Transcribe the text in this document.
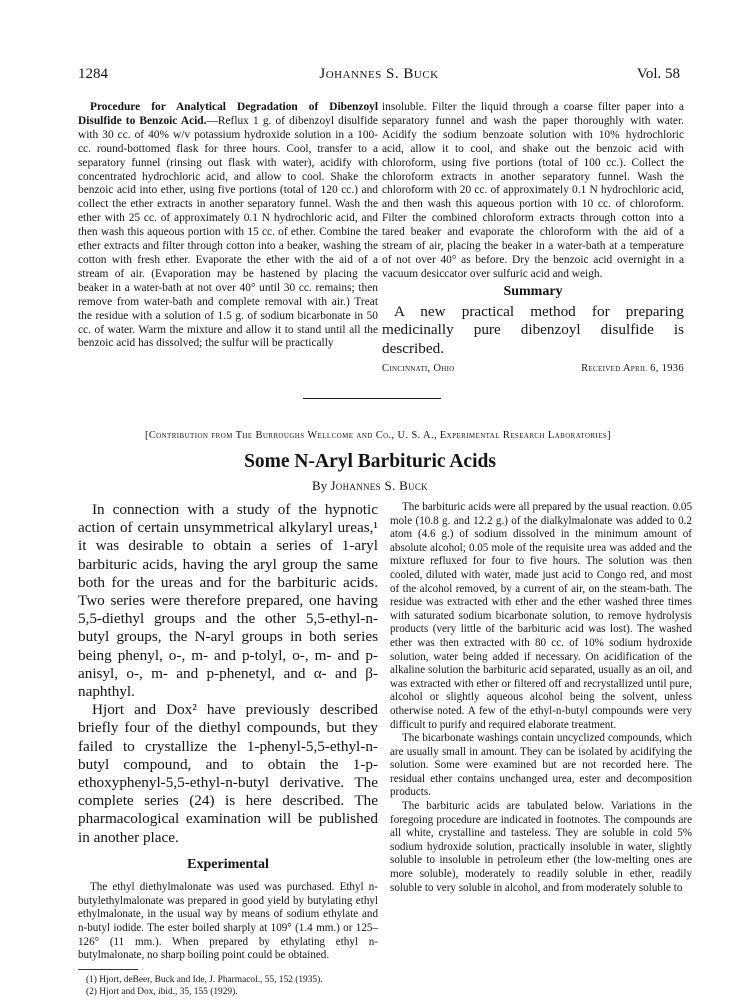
1284	Johannes S. Buck	Vol. 58

Procedure for Analytical Degradation of Dibenzoyl Disulfide to Benzoic Acid.—Reflux 1 g. of dibenzoyl disulfide with 30 cc. of 40% w/v potassium hydroxide solution in a 100-cc. round-bottomed flask for three hours. Cool, transfer to a separatory funnel (rinsing out flask with water), acidify with concentrated hydrochloric acid, and allow to cool. Shake the benzoic acid into ether, using five portions (total of 120 cc.) and collect the ether extracts in another separatory funnel. Wash the ether with 25 cc. of approximately 0.1 N hydrochloric acid, and then wash this aqueous portion with 15 cc. of ether. Combine the ether extracts and filter through cotton into a beaker, washing the cotton with fresh ether. Evaporate the ether with the aid of a stream of air. (Evaporation may be hastened by placing the beaker in a water-bath at not over 40° until 30 cc. remains; then remove from water-bath and complete removal with air.) Treat the residue with a solution of 1.5 g. of sodium bicarbonate in 50 cc. of water. Warm the mixture and allow it to stand until all the benzoic acid has dissolved; the sulfur will be practically

insoluble. Filter the liquid through a coarse filter paper into a separatory funnel and wash the paper thoroughly with water. Acidify the sodium benzoate solution with 10% hydrochloric acid, allow it to cool, and shake out the benzoic acid with chloroform, using five portions (total of 100 cc.). Collect the chloroform extracts in another separatory funnel. Wash the chloroform with 20 cc. of approximately 0.1 N hydrochloric acid, and then wash this aqueous portion with 10 cc. of chloroform. Filter the combined chloroform extracts through cotton into a tared beaker and evaporate the chloroform with the aid of a stream of air, placing the beaker in a water-bath at a temperature of not over 40° as before. Dry the benzoic acid overnight in a vacuum desiccator over sulfuric acid and weigh.

Summary

A new practical method for preparing medicinally pure dibenzoyl disulfide is described.

Cincinnati, Ohio	Received April 6, 1936
[Contribution from The Burroughs Wellcome and Co., U. S. A., Experimental Research Laboratories]
Some N-Aryl Barbituric Acids
By Johannes S. Buck

In connection with a study of the hypnotic action of certain unsymmetrical alkylaryl ureas,¹ it was desirable to obtain a series of 1-aryl barbituric acids, having the aryl group the same both for the ureas and for the barbituric acids. Two series were therefore prepared, one having 5,5-diethyl groups and the other 5,5-ethyl-n-butyl groups, the N-aryl groups in both series being phenyl, o-, m- and p-tolyl, o-, m- and p-anisyl, o-, m- and p-phenetyl, and α- and β-naphthyl.

Hjort and Dox² have previously described briefly four of the diethyl compounds, but they failed to crystallize the 1-phenyl-5,5-ethyl-n-butyl compound, and to obtain the 1-p-ethoxyphenyl-5,5-ethyl-n-butyl derivative. The complete series (24) is here described. The pharmacological examination will be published in another place.

Experimental

The ethyl diethylmalonate was used was purchased. Ethyl n-butylethylmalonate was prepared in good yield by butylating ethyl ethylmalonate, in the usual way by means of sodium ethylate and n-butyl iodide. The ester boiled sharply at 109° (1.4 mm.) or 125–126° (11 mm.). When prepared by ethylating ethyl n-butylmalonate, no sharp boiling point could be obtained.

(1) Hjort, deBeer, Buck and Ide, J. Pharmacol., 55, 152 (1935).

(2) Hjort and Dox, ibid., 35, 155 (1929).

The barbituric acids were all prepared by the usual reaction. 0.05 mole (10.8 g. and 12.2 g.) of the dialkylmalonate was added to 0.2 atom (4.6 g.) of sodium dissolved in the minimum amount of absolute alcohol; 0.05 mole of the requisite urea was added and the mixture refluxed for four to five hours. The solution was then cooled, diluted with water, made just acid to Congo red, and most of the alcohol removed, by a current of air, on the steam-bath. The residue was extracted with ether and the ether washed three times with saturated sodium bicarbonate solution, to remove hydrolysis products (very little of the barbituric acid was lost). The washed ether was then extracted with 80 cc. of 10% sodium hydroxide solution, water being added if necessary. On acidification of the alkaline solution the barbituric acid separated, usually as an oil, and was extracted with ether or filtered off and recrystallized until pure, alcohol or slightly aqueous alcohol being the solvent, unless otherwise noted. A few of the ethyl-n-butyl compounds were very difficult to purify and required elaborate treatment.

The bicarbonate washings contain uncyclized compounds, which are usually small in amount. They can be isolated by acidifying the solution. Some were examined but are not recorded here. The residual ether contains unchanged urea, ester and decomposition products.

The barbituric acids are tabulated below. Variations in the foregoing procedure are indicated in footnotes. The compounds are all white, crystalline and tasteless. They are soluble in cold 5% sodium hydroxide solution, practically insoluble in water, slightly soluble to insoluble in petroleum ether (the low-melting ones are more soluble), moderately to readily soluble in ether, readily soluble to very soluble in alcohol, and from moderately soluble to
